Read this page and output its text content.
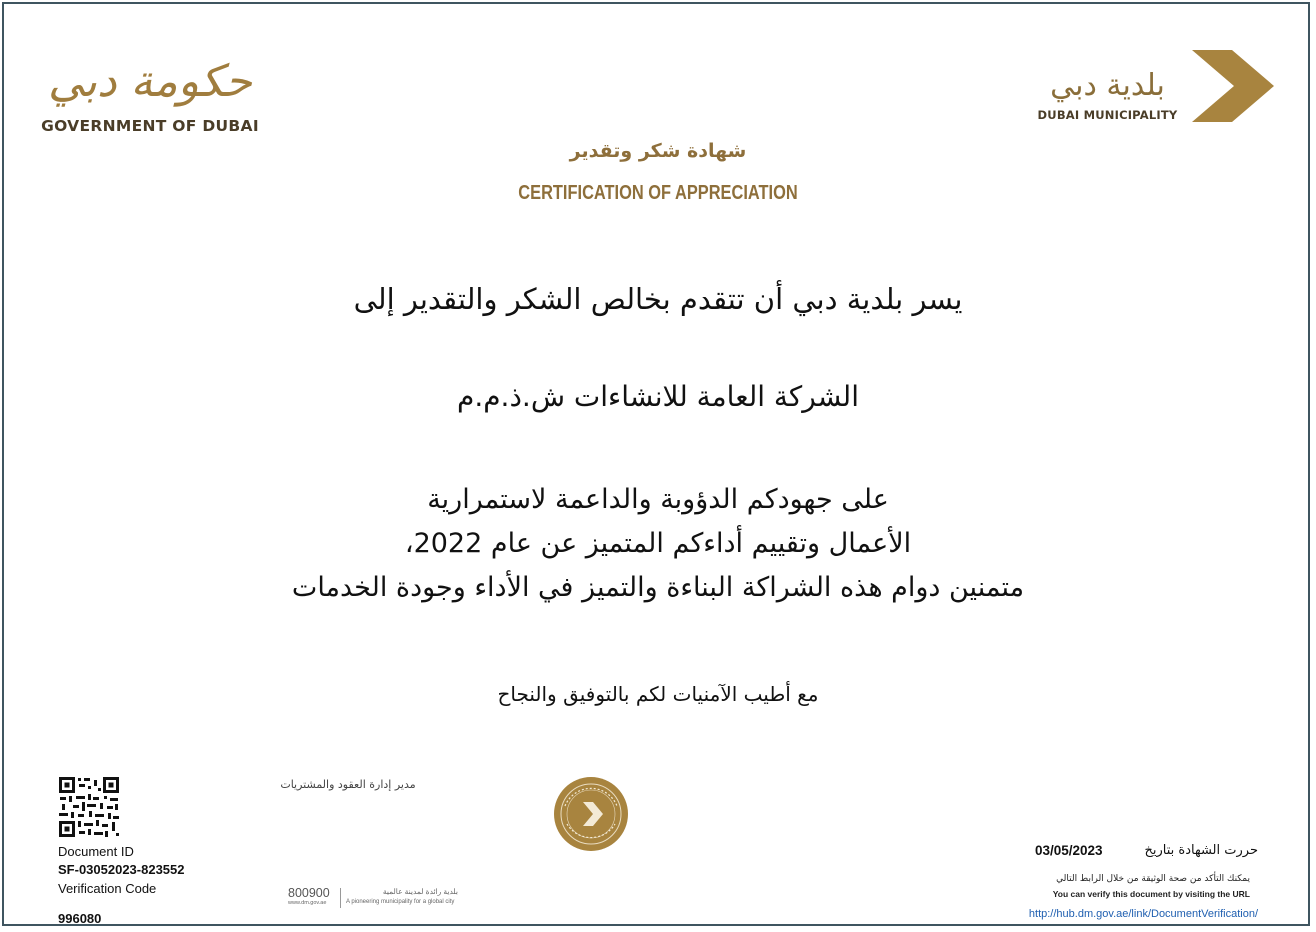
حكومة دبي
GOVERNMENT OF DUBAI
بلدية دبي
DUBAI MUNICIPALITY
شهادة شكر وتقدير
CERTIFICATION OF APPRECIATION
يسر بلدية دبي أن تتقدم بخالص الشكر والتقدير إلى
الشركة العامة للانشاءات ش.ذ.م.م
على جهودكم الدؤوبة والداعمة لاستمرارية
الأعمال وتقييم أداءكم المتميز عن عام 2022،
متمنين دوام هذه الشراكة البناءة والتميز في الأداء وجودة الخدمات
مع أطيب الآمنيات لكم بالتوفيق والنجاح
مدير إدارة العقود والمشتريات
Document ID
SF-03052023-823552
Verification Code
996080
800900
www.dm.gov.ae
بلدية رائدة لمدينة عالمية
A pioneering municipality for a global city
حررت الشهادة بتاريخ
03/05/2023
يمكنك التأكد من صحة الوثيقة من خلال الرابط التالي
You can verify this document by visiting the URL
http://hub.dm.gov.ae/link/DocumentVerification/
